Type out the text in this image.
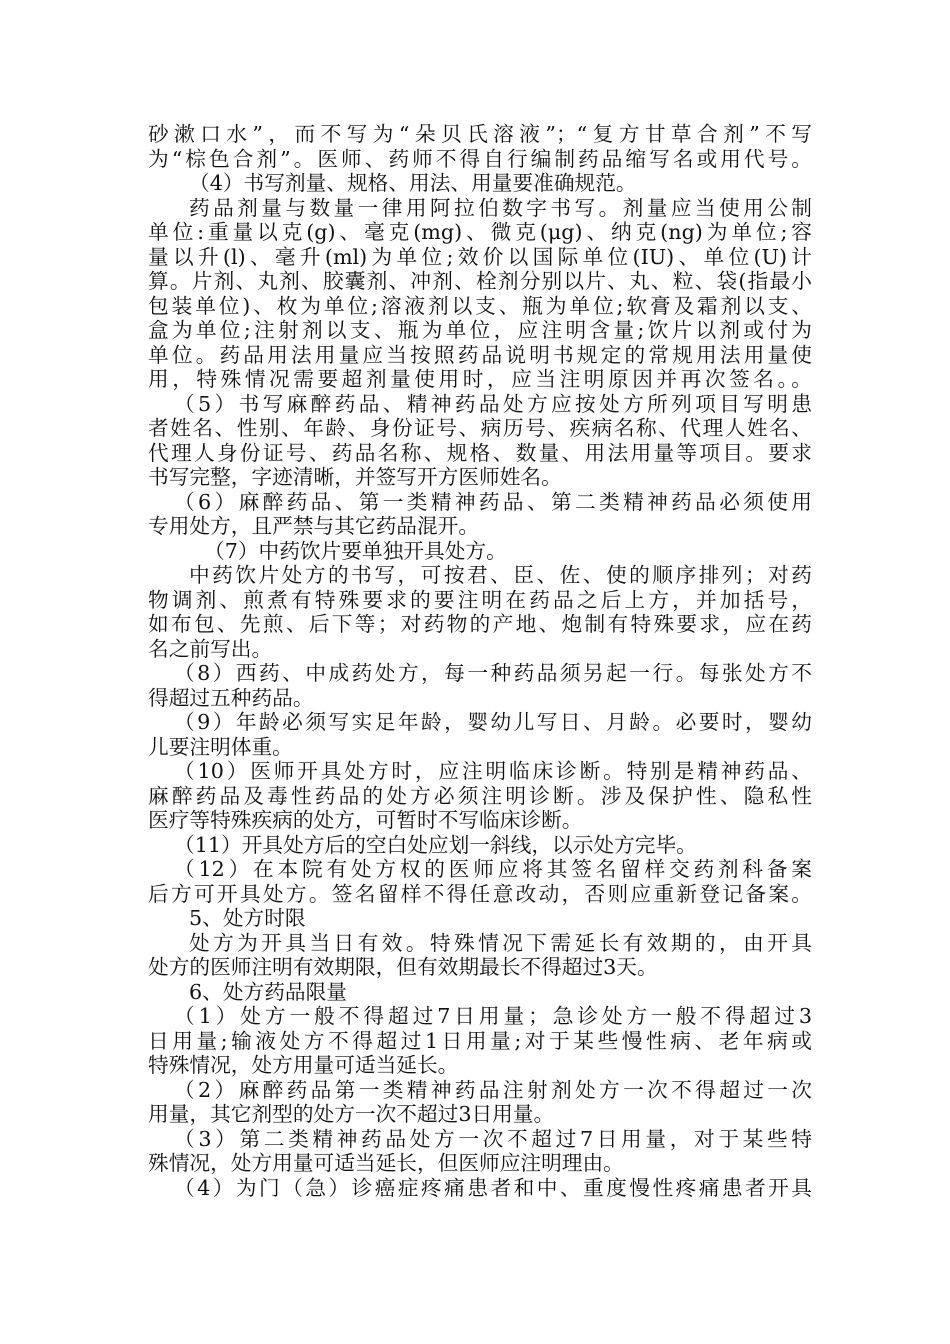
砂漱口水”，而不写为“朵贝氏溶液”；“复方甘草合剂”不写
为“棕色合剂”。医师、药师不得自行编制药品缩写名或用代号。
（4）书写剂量、规格、用法、用量要准确规范。
药品剂量与数量一律用阿拉伯数字书写。剂量应当使用公制
单位:重量以克(g)、毫克(mg)、微克(μg)、纳克(ng)为单位;容
量以升(l)、毫升(ml)为单位;效价以国际单位(IU)、单位(U)计
算。片剂、丸剂、胶囊剂、冲剂、栓剂分别以片、丸、粒、袋(指最小
包装单位)、枚为单位;溶液剂以支、瓶为单位;软膏及霜剂以支、
盒为单位;注射剂以支、瓶为单位，应注明含量;饮片以剂或付为
单位。药品用法用量应当按照药品说明书规定的常规用法用量使
用，特殊情况需要超剂量使用时，应当注明原因并再次签名。。
（5）书写麻醉药品、精神药品处方应按处方所列项目写明患
者姓名、性别、年龄、身份证号、病历号、疾病名称、代理人姓名、
代理人身份证号、药品名称、规格、数量、用法用量等项目。要求
书写完整，字迹清晰，并签写开方医师姓名。
（6）麻醉药品、第一类精神药品、第二类精神药品必须使用
专用处方，且严禁与其它药品混开。
（7）中药饮片要单独开具处方。
中药饮片处方的书写，可按君、臣、佐、使的顺序排列；对药
物调剂、煎煮有特殊要求的要注明在药品之后上方，并加括号，
如布包、先煎、后下等；对药物的产地、炮制有特殊要求，应在药
名之前写出。
（8）西药、中成药处方，每一种药品须另起一行。每张处方不
得超过五种药品。
（9）年龄必须写实足年龄，婴幼儿写日、月龄。必要时，婴幼
儿要注明体重。
（10）医师开具处方时，应注明临床诊断。特别是精神药品、
麻醉药品及毒性药品的处方必须注明诊断。涉及保护性、隐私性
医疗等特殊疾病的处方，可暂时不写临床诊断。
（11）开具处方后的空白处应划一斜线，以示处方完毕。
（12）在本院有处方权的医师应将其签名留样交药剂科备案
后方可开具处方。签名留样不得任意改动，否则应重新登记备案。
5、处方时限
处方为开具当日有效。特殊情况下需延长有效期的，由开具
处方的医师注明有效期限，但有效期最长不得超过3天。
6、处方药品限量
（1）处方一般不得超过7日用量；急诊处方一般不得超过3
日用量;输液处方不得超过1日用量;对于某些慢性病、老年病或
特殊情况，处方用量可适当延长。
（2）麻醉药品第一类精神药品注射剂处方一次不得超过一次
用量，其它剂型的处方一次不超过3日用量。
（3）第二类精神药品处方一次不超过7日用量，对于某些特
殊情况，处方用量可适当延长，但医师应注明理由。
（4）为门（急）诊癌症疼痛患者和中、重度慢性疼痛患者开具
